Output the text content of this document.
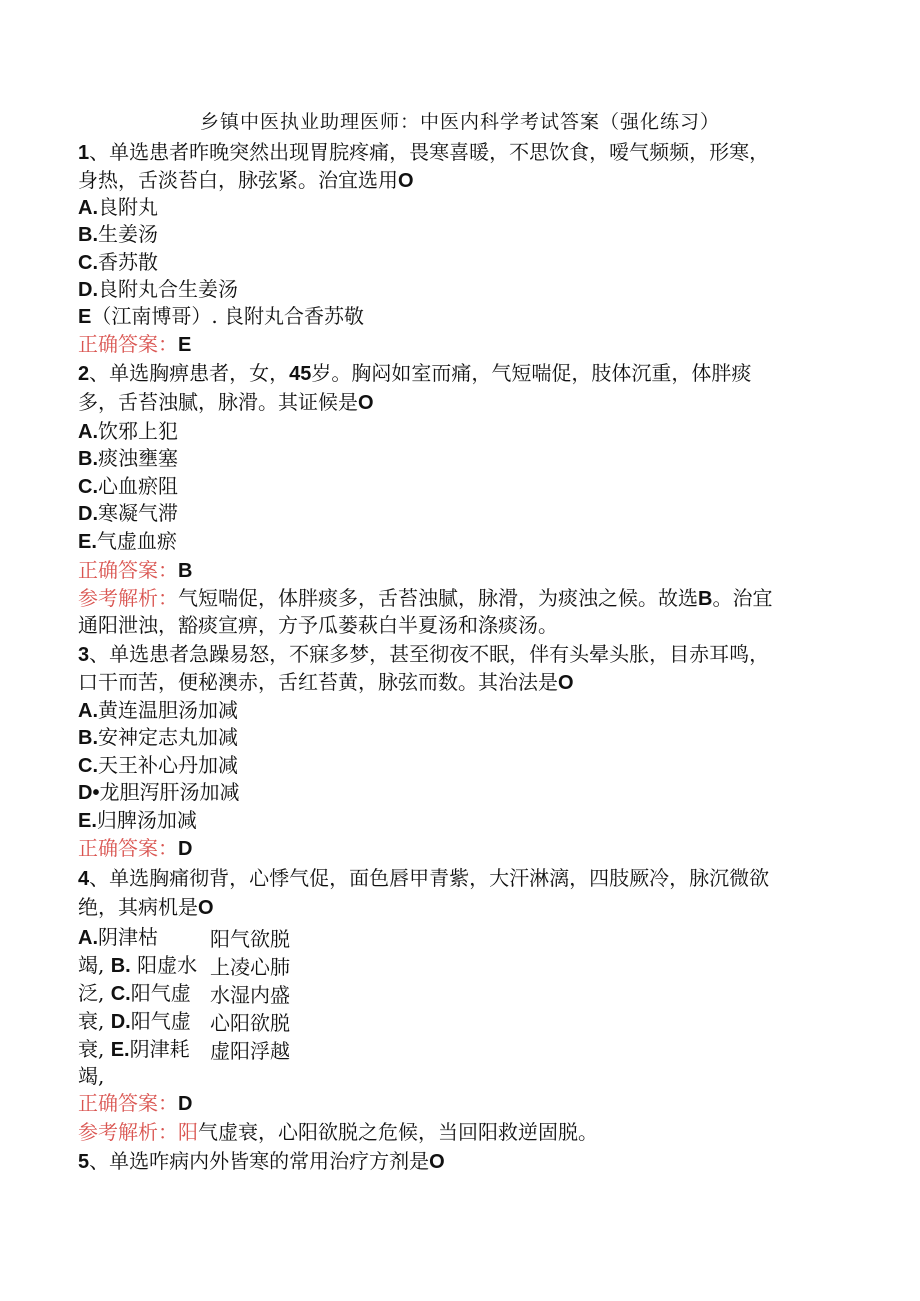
乡镇中医执业助理医师：中医内科学考试答案（强化练习）
1、单选患者昨晚突然出现胃脘疼痛，畏寒喜暖，不思饮食，嗳气频频，形寒，
身热，舌淡苔白，脉弦紧。治宜选用O
A.良附丸
B.生姜汤
C.香苏散
D.良附丸合生姜汤
E（江南博哥）. 良附丸合香苏敬
正确答案：E
2、单选胸痹患者，女，45岁。胸闷如室而痛，气短喘促，肢体沉重，体胖痰
多，舌苔浊腻，脉滑。其证候是O
A.饮邪上犯
B.痰浊壅塞
C.心血瘀阻
D.寒凝气滞
E.气虚血瘀
正确答案：B
参考解析：气短喘促，体胖痰多，舌苔浊腻，脉滑，为痰浊之候。故选B。治宜
通阳泄浊，豁痰宣痹，方予瓜蒌萩白半夏汤和涤痰汤。
3、单选患者急躁易怒，不寐多梦，甚至彻夜不眠，伴有头晕头胀，目赤耳鸣，
口干而苦，便秘澳赤，舌红苔黄，脉弦而数。其治法是O
A.黄连温胆汤加减
B.安神定志丸加减
C.天王补心丹加减
D•龙胆泻肝汤加减
E.归脾汤加减
正确答案：D
4、单选胸痛彻背，心悸气促，面色唇甲青紫，大汗淋漓，四肢厥冷，脉沉微欲
绝，其病机是O
A.阴津枯
竭, B. 阳虚水
泛, C.阳气虚
衰, D.阳气虚
衰, E.阴津耗
竭,
阳气欲脱
上凌心肺
水湿内盛
心阳欲脱
虚阳浮越
正确答案：D
参考解析：阳气虚衰，心阳欲脱之危候，当回阳救逆固脱。
5、单选咋病内外皆寒的常用治疗方剂是O
